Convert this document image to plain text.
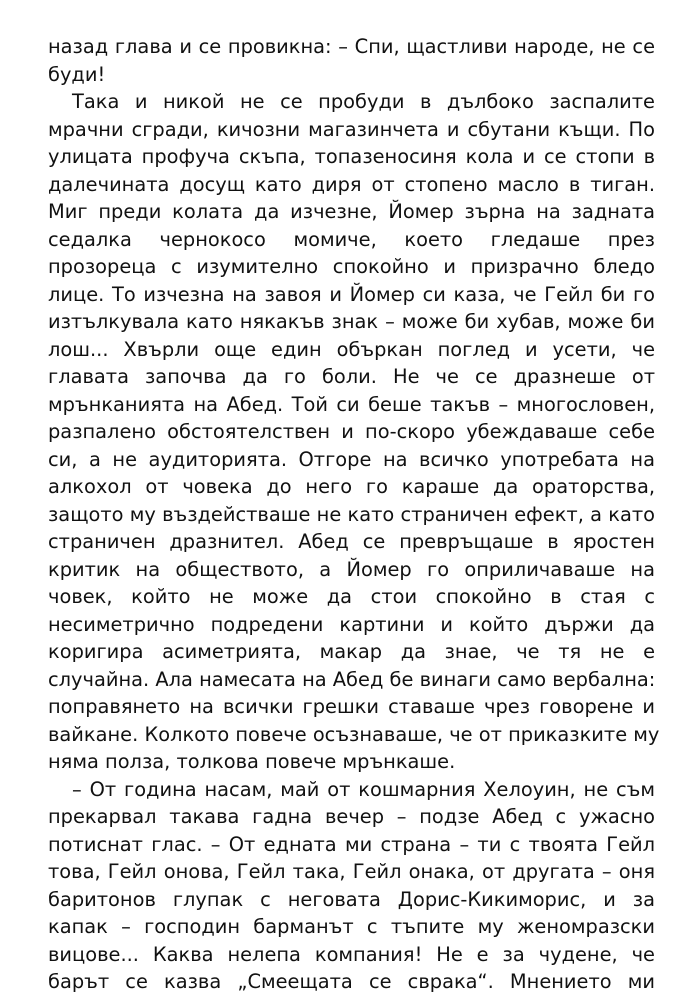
назад глава и се провикна: – Спи, щастливи народе, не се
буди!
Така и никой не се пробуди в дълбоко заспалите
мрачни сгради, кичозни магазинчета и сбутани къщи. По
улицата профуча скъпа, топазеносиня кола и се стопи в
далечината досущ като диря от стопено масло в тиган.
Миг преди колата да изчезне, Йомер зърна на задната
седалка чернокосо момиче, което гледаше през
прозореца с изумително спокойно и призрачно бледо
лице. То изчезна на завоя и Йомер си каза, че Гейл би го
изтълкувала като някакъв знак – може би хубав, може би
лош... Хвърли още един объркан поглед и усети, че
главата започва да го боли. Не че се дразнеше от
мрънканията на Абед. Той си беше такъв – многословен,
разпалено обстоятелствен и по-скоро убеждаваше себе
си, а не аудиторията. Отгоре на всичко употребата на
алкохол от човека до него го караше да ораторства,
защото му въздействаше не като страничен ефект, а като
страничен дразнител. Абед се превръщаше в яростен
критик на обществото, а Йомер го оприличаваше на
човек, който не може да стои спокойно в стая с
несиметрично подредени картини и който държи да
коригира асиметрията, макар да знае, че тя не е
случайна. Ала намесата на Абед бе винаги само вербална:
поправянето на всички грешки ставаше чрез говорене и
вайкане. Колкото повече осъзнаваше, че от приказките му
няма полза, толкова повече мрънкаше.
– От година насам, май от кошмарния Хелоуин, не съм
прекарвал такава гадна вечер – подзе Абед с ужасно
потиснат глас. – От едната ми страна – ти с твоята Гейл
това, Гейл онова, Гейл така, Гейл онака, от другата – оня
баритонов глупак с неговата Дорис-Кикиморис, и за
капак – господин барманът с тъпите му женомразски
вицове... Каква нелепа компания! Не е за чудене, че
барът се казва „Смеещата се сврака“. Мнението ми
